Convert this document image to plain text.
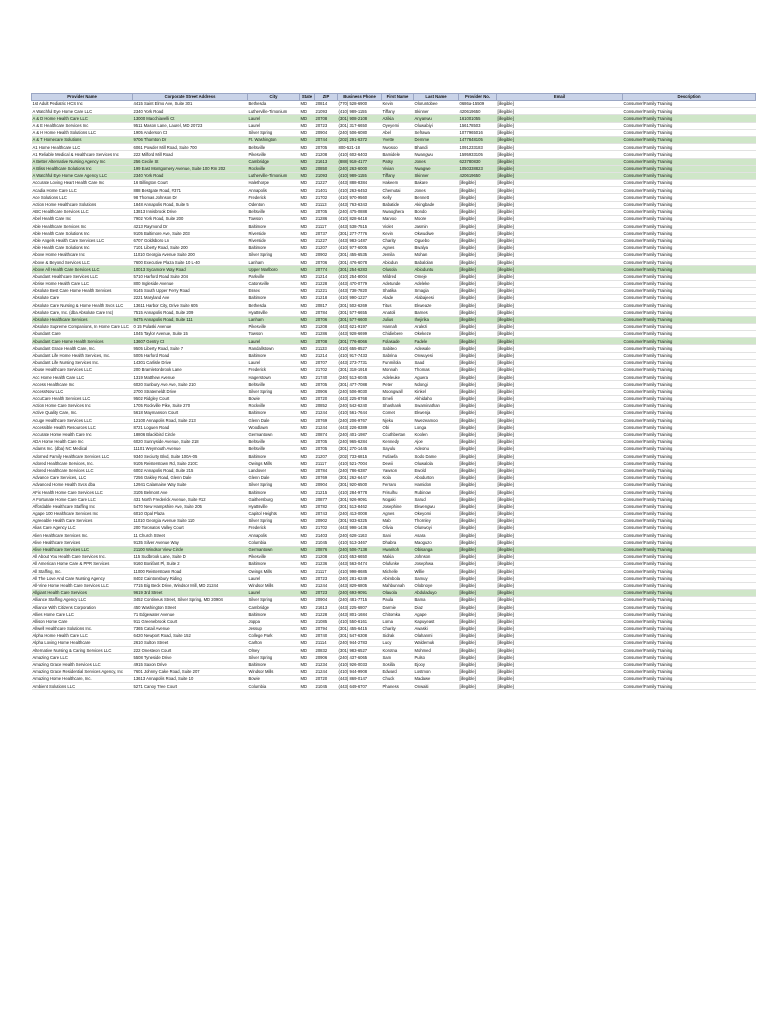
Provider Name	Corporate Street Address	City	State	ZIP	Business Phone	First Name	Last Name	Provider No.	Email	Description
1st Adult Pediatric HCS Inc	4415 Saint Elmo Ave, Suite 301	Bethesda	MD	20814	(770) 528-6900	Kevin	Oloruntobee	0686a-15509	[illegible]	Consumer/Family Training
A Watchful Eye Home Care LLC	2340 York Road	Lutherville-Timonium	MD	21093	(410) 989-1155	Tiffany	Skinner	420619650	[illegible]	Consumer/Family Training
A & D Home Health Care LLC	13000 Macchiavelli Ct	Laurel	MD	20708	(301) 908-2108	Azikia	Anyanwu	161001055	[illegible]	Consumer/Family Training
A & E Healthcare Services Inc	9511 Mason Lane, Laurel, MD 20723	Laurel	MD	20723	(301) 317-6650	Oyeyemi	Oluwabiyi	156178503	[illegible]	Consumer/Family Training
A & H Home Health Solutions LLC	1905 Anderson Ct	Silver Spring	MD	20904	(240) 506-6080	Abel	Sefrawa	1077965016	[illegible]	Consumer/Family Training
A & T Homecare Solutions	9706 Thornton Dr	Ft. Washington	MD	20744	(202) 291-6372	Yvette	Demme	1477848105	[illegible]	Consumer/Family Training
A1 Home Healthcare LLC	6061 Powder Mill Road, Suite 700	Beltsville	MD	20705	800-521-18	Nwosoo	Bhandi	1091233183	[illegible]	Consumer/Family Training
A1 Reliable Medical & Healthcare Services Inc	222 Milford Mill Road	Pikesville	MD	21208	(410) 602-6403	Bamidele	Nwangwu	1595933105	[illegible]	Consumer/Family Training
A Better Alternative Nursing Agency Inc	256 Cecile St	Cambridge	MD	21613	(888) 918-4177	Patsy	Jones	623780830	[illegible]	Consumer/Family Training
A Bliss Healthcare Solutions Inc	199 East Montgomery Avenue, Suite 100 Rm 202	Rockville	MD	20850	(240) 263-6000	Vivian	Nwagwe	1050338823	[illegible]	Consumer/Family Training
A Watchful Eye Home Care Agency LLC	2340 York Road	Lutherville-Timonium	MD	21093	(410) 989-1155	Tiffany	Skinner	420619650	[illegible]	Consumer/Family Training
Accurate Loving Heart Health Care Inc	16 Billington Court	Halethorpe	MD	21227	(443) 888-8384	Hakeem	Bakare	[illegible]	[illegible]	Consumer/Family Training
Acadia Home Care LLC	888 Bestgate Road, #371	Annapolis	MD	21401	(410) 263-6453	Chemutai	Jones	[illegible]	[illegible]	Consumer/Family Training
Ace Solutions LLC	98 Thomas Johnson Dr	Frederick	MD	21702	(410) 970-9560	Kelly	Bennett	[illegible]	[illegible]	Consumer/Family Training
Action Home Healthcare Solutions	1848 Annapolis Road, Suite 5	Odenton	MD	21113	(443) 763-6343	Babatide	Akingbade	[illegible]	[illegible]	Consumer/Family Training
ABC Healthcare Services LLC	13813 Innisbrook Drive	Beltsville	MD	20705	(240) 475-0888	Nwaoghera	Bondo	[illegible]	[illegible]	Consumer/Family Training
Abel Health Care Inc	7902 York Road, Suite 200	Towson	MD	21286	(410) 828-6418	Marvoo	Moore	[illegible]	[illegible]	Consumer/Family Training
Able Healthcare Services Inc	4213 Raymond Dr	Baltimore	MD	21117	(443) 538-7515	Violet	Jasmin	[illegible]	[illegible]	Consumer/Family Training
Able Health Care Solutions Inc	9105 Baltimore Ave, Suite 203	Riverside	MD	20737	(301) 277-7776	Kevin	Okwudiwe	[illegible]	[illegible]	Consumer/Family Training
Able Angels Health Care Services LLC	6707 Goldsboro Ln	Riverside	MD	21227	(443) 983-1487	Charity	Oguebo	[illegible]	[illegible]	Consumer/Family Training
Able Health Care Solutions Inc	7101 Liberty Road, Suite 200	Baltimore	MD	21207	(410) 977-6005	Agnes	Bwalya	[illegible]	[illegible]	Consumer/Family Training
Above Home Healthcare Inc	11010 Georgia Avenue Suite 200	Silver Spring	MD	20902	(301) 455-6535	Jemila	Mohan	[illegible]	[illegible]	Consumer/Family Training
Above & Beyond Services LLC	7600 Executive Plaza Suite 10 L-40	Lanham	MD	20706	(301) 476-6078	Abiodun	Babalolan	[illegible]	[illegible]	Consumer/Family Training
Above All Health Care Services LLC	10013 Sycamore Way Road	Upper Marlboro	MD	20774	(301) 254-6283	Olusola	Abioduntu	[illegible]	[illegible]	Consumer/Family Training
Abundant Healthcare Services LLC	5710 Harford Road Suite 204	Parkville	MD	21214	(410) 254-8004	Mildred	Omeje	[illegible]	[illegible]	Consumer/Family Training
Abrise Home Health Care LLC	800 Ingleside Avenue	Catonsville	MD	21228	(443) 470-0779	Adetunde	Adeleke	[illegible]	[illegible]	Consumer/Family Training
Absolute Best Care Home Health Services	9145 South Upper Ferry Road	Essex	MD	21221	(443) 738-7820	Shatika	Smagia	[illegible]	[illegible]	Consumer/Family Training
Absolute Care	2221 Maryland Ave	Baltimore	MD	21218	(410) 990-1227	Alade	Alabajeesi	[illegible]	[illegible]	Consumer/Family Training
Absolute Care Nursing & Home Health Svcs LLC	13611 Harbor City, Drive Suite 605	Bethesda	MD	20817	(301) 502-6269	Titus	Ekweaze	[illegible]	[illegible]	Consumer/Family Training
Absolute Care, Inc. (dba Absolute Care Inc)	7515 Annapolis Road, Suite 209	Hyattsville	MD	20784	(301) 577-6655	Anatoli	Barnes	[illegible]	[illegible]	Consumer/Family Training
Absolute Healthcare Services	9475 Annapolis Road, Suite 111	Lanham	MD	20706	(301) 577-6600	Julius	Ihejirika	[illegible]	[illegible]	Consumer/Family Training
Absolute Supreme Companions, In Home Care LLC	0 15 Pulaski Avenue	Pikesville	MD	21208	(443) 621-9197	Hannah	Aralezi	[illegible]	[illegible]	Consumer/Family Training
Abundant Care	1045 Taylor Avenue, Suite 15	Towson	MD	21286	(443) 928-6699	Chidiebere	Okekeze	[illegible]	[illegible]	Consumer/Family Training
Abundant Care Home Health Services	13607 Gentry Ct	Laurel	MD	20708	(301) 776-8066	Folasade	Fadele	[illegible]	[illegible]	Consumer/Family Training
Abundant Grace Health Care, Inc.	9505 Liberty Road, Suite 7	Randallstown	MD	21133	(410) 655-8527	Sabiteo	Adewale	[illegible]	[illegible]	Consumer/Family Training
Abundant Life Home Health Services, Inc.	5005 Harford Road	Baltimore	MD	21214	(410) 917-7433	Sabrina	Onwuyesi	[illegible]	[illegible]	Consumer/Family Training
Abundant Life Nursing Services Inc.	14301 Carlisle Drive	Laurel	MD	20707	(443) 273-7731	Funmilola	Saad	[illegible]	[illegible]	Consumer/Family Training
Abuse Healthcare Services LLC	200 Bramletonbrook Lane	Frederick	MD	21702	(301) 318-1918	Monnah	Thomas	[illegible]	[illegible]	Consumer/Family Training
Acc Home Health Care LLC	1319 Matthew Avenue	Hagerstown	MD	21740	(240) 513-6045	Adeleuke	Aguera	[illegible]	[illegible]	Consumer/Family Training
Access Healthcare Inc	6020 Sunbury Ave Ave, Suite 210	Beltsville	MD	20705	(301) 477-7088	Peter	Ndongi	[illegible]	[illegible]	Consumer/Family Training
AccessNow LLC	2700 Stratemeldt Drive	Silver Spring	MD	20906	(240) 506-9030	Moongwall	Kinkel	[illegible]	[illegible]	Consumer/Family Training
AccuCare Health Services LLC	9502 Ridgley Court	Bowie	MD	20720	(443) 225-8768	Emeli	Akhidaho	[illegible]	[illegible]	Consumer/Family Training
Action Home Care Services Inc	1705 Rockville Pike, Suite 270	Rockville	MD	20852	(240) 542-6240	Shashank	Swaminathan	[illegible]	[illegible]	Consumer/Family Training
Active Quality Care, Inc.	5618 Maymanson Court	Baltimore	MD	21244	(410) 561-7644	Comet	Ekwenja	[illegible]	[illegible]	Consumer/Family Training
Acuge Healthcare Services LLC	12100 Annapolis Road, Suite 213	Glenn Dale	MD	20769	(240) 206-9767	Njeku	Nwezeamoo	[illegible]	[illegible]	Consumer/Family Training
Accessible Health Resources LLC	8721 Loguen Road	Woodlawn	MD	21244	(443) 226-8389	Obi	Longa	[illegible]	[illegible]	Consumer/Family Training
Accurate Home Health Care Inc	18806 Blackbird Circle	Germantown	MD	20874	(240) 401-1987	Ccuthbertan	Koolen	[illegible]	[illegible]	Consumer/Family Training
ADA Home Health Care Inc	6020 Sunnyside Avenue, Suite 218	Beltsville	MD	20705	(240) 965-6284	Kennedy	Ajoe	[illegible]	[illegible]	Consumer/Family Training
Adams Inc. (dba) NC Medical	11101 Weymouth Avenue	Beltsville	MD	20705	(301) 270-1445	Sayulu	Adeonu	[illegible]	[illegible]	Consumer/Family Training
Adorned Family Healthcare Services LLC	9340 Seciurty Blvd, Suite 100A-05	Baltimore	MD	21207	(202) 733-6815	Futlaefa	Sodo Dame	[illegible]	[illegible]	Consumer/Family Training
Adored Healthcare Services, Inc.	9105 Reisterstown Rd, Suite 210C	Owings Mills	MD	21117	(410) 521-7004	Dewii	Oluwalola	[illegible]	[illegible]	Consumer/Family Training
Adored Healthcare Services LLC	6002 Annapolis Road, Suite 215	Landover	MD	20784	(240) 786-6387	Yawson	Ewold	[illegible]	[illegible]	Consumer/Family Training
Advance Care Services, LLC	7256 Oakley Road, Glenn Dale	Glenn Dale	MD	20769	(301) 262-6447	Kola	Abodurton	[illegible]	[illegible]	Consumer/Family Training
Advanced Home Health Svcs dba	12941 Calamaine Way Suite	Silver Spring	MD	20904	(301) 920-6500	Ferraro	Hamidon	[illegible]	[illegible]	Consumer/Family Training
AFix Health Home Care Services LLC	3105 Belmont Ave	Baltimore	MD	21215	(410) 284-9778	Frisulhu	Rubinow	[illegible]	[illegible]	Consumer/Family Training
A Fortunate Home Care Care LLC	431 North Frederick Avenue, Suite #12	Gaithersburg	MD	20877	(301) 926-9091	Nogaki	Sarud	[illegible]	[illegible]	Consumer/Family Training
Affordable Healthcare Staffing Inc	5470 New Hampshire Ave, Suite 205	Hyattsville	MD	20782	(301) 513-8462	Josephine	Ekwengwu	[illegible]	[illegible]	Consumer/Family Training
Agape 100 Healthcare Services Inc	6010 Opal Plaza	Capitol Heights	MD	20743	(240) 413-0008	Agnes	Okeyomi	[illegible]	[illegible]	Consumer/Family Training
Agreeable Health Care Services	11010 Georgia Avenue Suite 110	Silver Spring	MD	20902	(301) 933-6325	Mab	Thornley	[illegible]	[illegible]	Consumer/Family Training
Alias Care Agency LLC	200 Toronatos Valley Court	Frederick	MD	21702	(443) 998-1436	Olivia	Olunwoyi	[illegible]	[illegible]	Consumer/Family Training
Alien Healthcare Services Inc.	11 Church Street	Annapolis	MD	21403	(240) 628-1163	Sani	Asara	[illegible]	[illegible]	Consumer/Family Training
Alive Healthcare Services	9135 Silver Avenue Way	Columbia	MD	21045	(410) 513-3467	Dhabra	Maoguzo	[illegible]	[illegible]	Consumer/Family Training
Alive Healthcare Services LLC	21100 Windsor View Circle	Germantown	MD	20876	(240) 506-7138	Hwaritoh	Obisanga	[illegible]	[illegible]	Consumer/Family Training
All About You Health Care Services Inc.	115 Sudbrook Lane, Suite D	Pikesville	MD	21208	(410) 653-6650	Makia	Johnson	[illegible]	[illegible]	Consumer/Family Training
All American Home Care & PPR Services	9160 Bonifant Pl, Suite 2	Baltimore	MD	21236	(443) 563-0474	Olufunke	Josephwa	[illegible]	[illegible]	Consumer/Family Training
All Staffing, Inc.	11000 Reisterstown Road	Owings Mills	MD	21117	(410) 998-8685	Michelle	Willie	[illegible]	[illegible]	Consumer/Family Training
All The Love And Care Nursing Agency	8402 Caintonsbury Riding	Laurel	MD	20723	(240) 281-6249	Abimbola	Samuy	[illegible]	[illegible]	Consumer/Family Training
All-Vine Home Health Care Services LLC	7715 Big Beck Drive, Windsor Mill, MD 21244	Windsor Mills	MD	21244	(443) 829-6805	Mahbunnah	Olobnoye	[illegible]	[illegible]	Consumer/Family Training
Allgiant Health Care Services	9619 3rd Street	Laurel	MD	20723	(240) 693-9091	Olauola	Abduladuyo	[illegible]	[illegible]	Consumer/Family Training
Alliance Staffing Agency LLC	3452 Contineus Street, Silver Spring, MD 20904	Silver Spring	MD	20904	(240) 481-7715	Paula	Bama	[illegible]	[illegible]	Consumer/Family Training
Alliance With Citizens Corporation	450 Washington Street	Cambridge	MD	21613	(443) 225-6807	Darmie	Diaz	[illegible]	[illegible]	Consumer/Family Training
Allies Home Care LLC	71 Edgewater Avenue	Baltimore	MD	21228	(443) 801-1684	Chitomka	Agape	[illegible]	[illegible]	Consumer/Family Training
Allison Home Care	911 Greenebrook Court	Joppa	MD	21085	(410) 550-6161	Loma	Kapuyeast	[illegible]	[illegible]	Consumer/Family Training
Allwell Healthcare Solutions Inc.	7365 Catail Avenue	Jessup	MD	20794	(301) 455-6415	Charity	Awaski	[illegible]	[illegible]	Consumer/Family Training
Alpha Home Health Care LLC	6420 Newport Road, Suite 152	College Park	MD	20740	(301) 547-6308	Sidrak	Olahanmi	[illegible]	[illegible]	Consumer/Family Training
Alpha Loving Home Healthcare	2610 Sulton Street	Carlton	MD	21114	(240) 944-2783	Lucy	Waldemuk	[illegible]	[illegible]	Consumer/Family Training
Alternative Nursing & Caring Services LLC	222 Onesteon Court	Olney	MD	20832	(301) 983-6527	Korotna	Mohmed	[illegible]	[illegible]	Consumer/Family Training
Amazing Care LLC	5508 Tyneside Drive	Silver Spring	MD	20906	(240) 437-6065	Sam	Pulso	[illegible]	[illegible]	Consumer/Family Training
Amazing Grace Health Services LLC	4915 Saxon Drive	Baltimore	MD	21234	(410) 926-0033	Sosilla	Ejooy	[illegible]	[illegible]	Consumer/Family Training
Amazing Grace Residential Services Agency, Inc	7601 Johnny Cake Road, Suite 207	Windsor Mills	MD	21244	(410) 944-9908	Edward	Lostmon	[illegible]	[illegible]	Consumer/Family Training
Amazing Home Healthcare, Inc.	13613 Annapolis Road, Suite 10	Bowie	MD	20720	(443) 869-0147	Chuck	Madawe	[illegible]	[illegible]	Consumer/Family Training
Ambient Solutions LLC	5271 Canoy Tree Court	Columbia	MD	21045	(443) 649-6707	Phaness	Onwaiti	[illegible]	[illegible]	Consumer/Family Training
